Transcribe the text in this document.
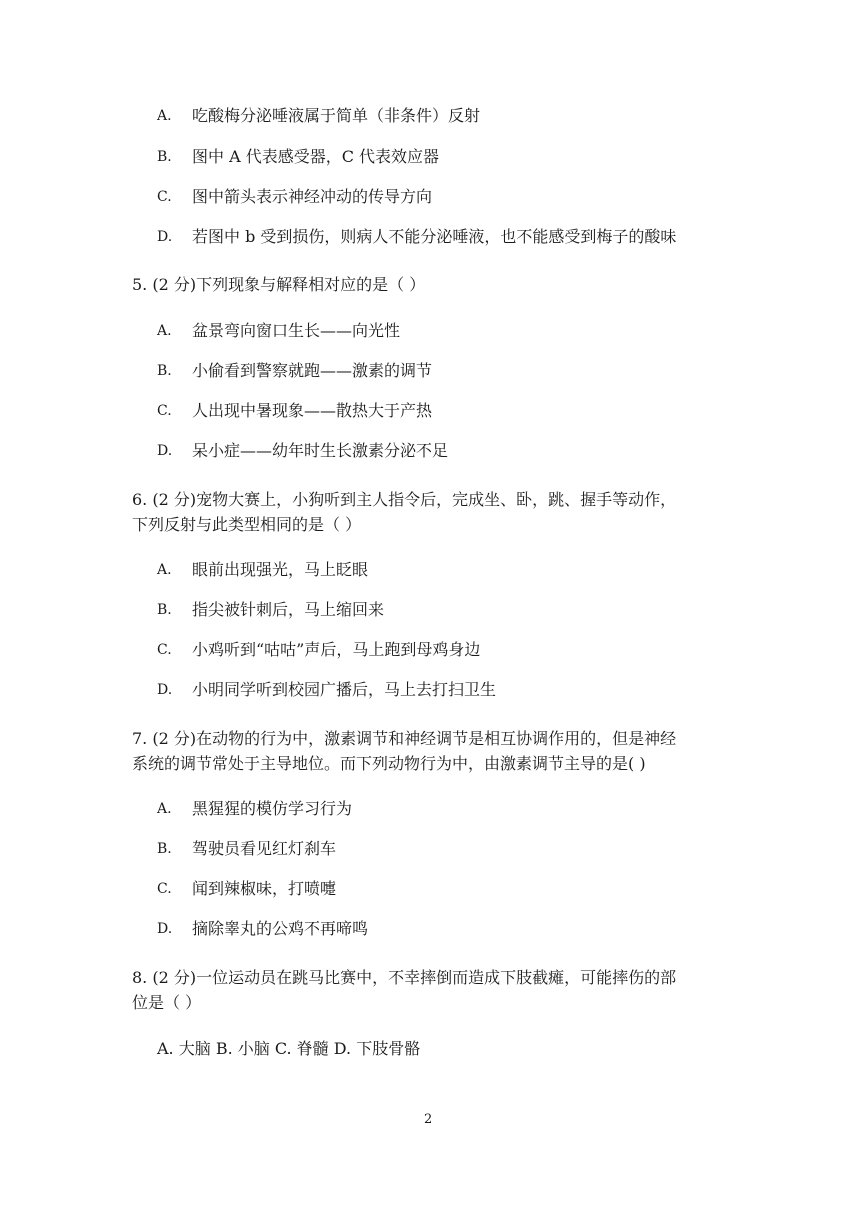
A. 吃酸梅分泌唾液属于简单（非条件）反射
B. 图中 A 代表感受器，C 代表效应器
C. 图中箭头表示神经冲动的传导方向
D. 若图中 b 受到损伤，则病人不能分泌唾液，也不能感受到梅子的酸味
5. (2 分)下列现象与解释相对应的是（ ）
A. 盆景弯向窗口生长——向光性
B. 小偷看到警察就跑——激素的调节
C. 人出现中暑现象——散热大于产热
D. 呆小症——幼年时生长激素分泌不足
6. (2 分)宠物大赛上，小狗听到主人指令后，完成坐、卧，跳、握手等动作，
下列反射与此类型相同的是（ ）
A. 眼前出现强光，马上眨眼
B. 指尖被针刺后，马上缩回来
C. 小鸡听到“咕咕”声后，马上跑到母鸡身边
D. 小明同学听到校园广播后，马上去打扫卫生
7. (2 分)在动物的行为中，激素调节和神经调节是相互协调作用的，但是神经
系统的调节常处于主导地位。而下列动物行为中，由激素调节主导的是( )
A. 黑猩猩的模仿学习行为
B. 驾驶员看见红灯刹车
C. 闻到辣椒味，打喷嚏
D. 摘除睾丸的公鸡不再啼鸣
8. (2 分)一位运动员在跳马比赛中，不幸摔倒而造成下肢截瘫，可能摔伤的部
位是（ ）
A. 大脑 B. 小脑 C. 脊髓 D. 下肢骨骼
2
